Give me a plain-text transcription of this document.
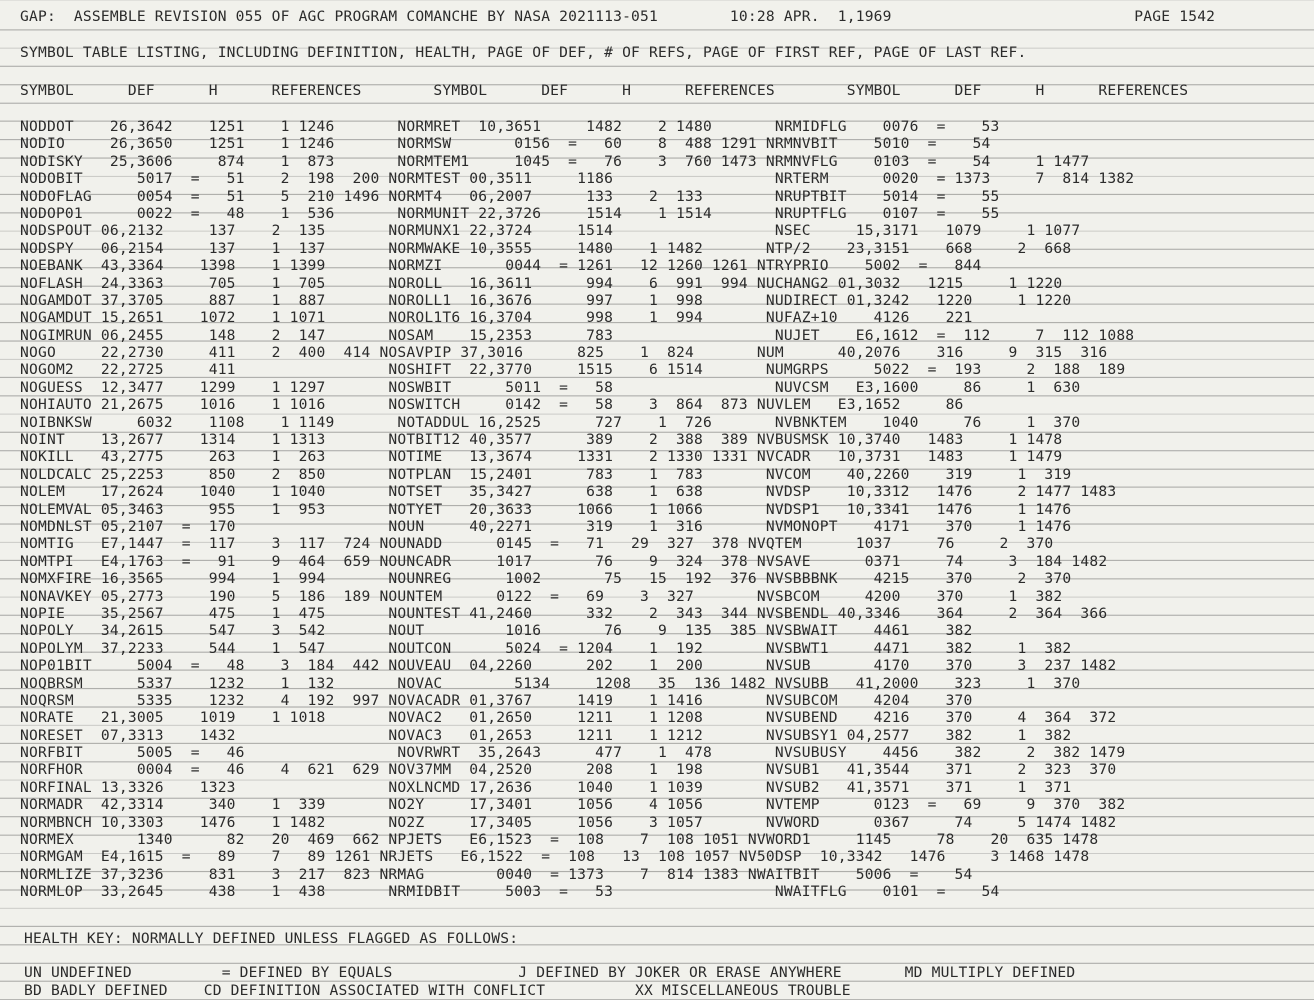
GAP:  ASSEMBLE REVISION 055 OF AGC PROGRAM COMANCHE BY NASA 2021113-051        10:28 APR.  1,1969                           PAGE 1542
SYMBOL TABLE LISTING, INCLUDING DEFINITION, HEALTH, PAGE OF DEF, # OF REFS, PAGE OF FIRST REF, PAGE OF LAST REF.
SYMBOL      DEF      H      REFERENCES        SYMBOL      DEF      H      REFERENCES        SYMBOL      DEF      H      REFERENCES
NODDOT    26,3642    1251    1 1246       NORMRET  10,3651     1482    2 1480       NRMIDFLG    0076  =    53
NODIO     26,3650    1251    1 1246       NORMSW       0156  =   60    8  488 1291 NRMNVBIT    5010  =    54
NODISKY   25,3606     874    1  873       NORMTEM1     1045  =   76    3  760 1473 NRMNVFLG    0103  =    54     1 1477
NODOBIT      5017  =   51    2  198  200 NORMTEST 00,3511     1186                  NRTERM      0020  = 1373     7  814 1382
NODOFLAG     0054  =   51    5  210 1496 NORMT4   06,2007      133    2  133        NRUPTBIT    5014  =    55
NODOP01      0022  =   48    1  536       NORMUNIT 22,3726     1514    1 1514       NRUPTFLG    0107  =    55
NODSPOUT 06,2132     137    2  135       NORMUNX1 22,3724     1514                  NSEC     15,3171   1079     1 1077
NODSPY   06,2154     137    1  137       NORMWAKE 10,3555     1480    1 1482       NTP/2    23,3151    668     2  668
NOEBANK  43,3364    1398    1 1399       NORMZI       0044  = 1261   12 1260 1261 NTRYPRIO    5002  =   844
NOFLASH  24,3363     705    1  705       NOROLL   16,3611      994    6  991  994 NUCHANG2 01,3032   1215     1 1220
NOGAMDOT 37,3705     887    1  887       NOROLL1  16,3676      997    1  998       NUDIRECT 01,3242   1220     1 1220
NOGAMDUT 15,2651    1072    1 1071       NOROL1T6 16,3704      998    1  994       NUFAZ+10    4126    221
NOGIMRUN 06,2455     148    2  147       NOSAM    15,2353      783                  NUJET    E6,1612  =  112     7  112 1088
NOGO     22,2730     411    2  400  414 NOSAVPIP 37,3016      825    1  824       NUM      40,2076    316     9  315  316
NOGOM2   22,2725     411                 NOSHIFT  22,3770     1515    6 1514       NUMGRPS     5022  =  193     2  188  189
NOGUESS  12,3477    1299    1 1297       NOSWBIT      5011  =   58                  NUVCSM   E3,1600     86     1  630
NOHIAUTO 21,2675    1016    1 1016       NOSWITCH     0142  =   58    3  864  873 NUVLEM   E3,1652     86
NOIBNKSW     6032    1108    1 1149       NOTADDUL 16,2525      727    1  726       NVBNKTEM    1040     76     1  370
NOINT    13,2677    1314    1 1313       NOTBIT12 40,3577      389    2  388  389 NVBUSMSK 10,3740   1483     1 1478
NOKILL   43,2775     263    1  263       NOTIME   13,3674     1331    2 1330 1331 NVCADR   10,3731   1483     1 1479
NOLDCALC 25,2253     850    2  850       NOTPLAN  15,2401      783    1  783       NVCOM    40,2260    319     1  319
NOLEM    17,2624    1040    1 1040       NOTSET   35,3427      638    1  638       NVDSP    10,3312   1476     2 1477 1483
NOLEMVAL 05,3463     955    1  953       NOTYET   20,3633     1066    1 1066       NVDSP1   10,3341   1476     1 1476
NOMDNLST 05,2107  =  170                 NOUN     40,2271      319    1  316       NVMONOPT    4171    370     1 1476
NOMTIG   E7,1447  =  117    3  117  724 NOUNADD      0145  =   71   29  327  378 NVQTEM      1037     76     2  370
NOMTPI   E4,1763  =   91    9  464  659 NOUNCADR     1017       76    9  324  378 NVSAVE      0371     74     3  184 1482
NOMXFIRE 16,3565     994    1  994       NOUNREG      1002       75   15  192  376 NVSBBBNK    4215    370     2  370
NONAVKEY 05,2773     190    5  186  189 NOUNTEM      0122  =   69    3  327       NVSBCOM     4200    370     1  382
NOPIE    35,2567     475    1  475       NOUNTEST 41,2460      332    2  343  344 NVSBENDL 40,3346    364     2  364  366
NOPOLY   34,2615     547    3  542       NOUT         1016       76    9  135  385 NVSBWAIT    4461    382
NOPOLYM  37,2233     544    1  547       NOUTCON      5024  = 1204    1  192       NVSBWT1     4471    382     1  382
NOP01BIT     5004  =   48    3  184  442 NOUVEAU  04,2260      202    1  200       NVSUB       4170    370     3  237 1482
NOQBRSM      5337    1232    1  132       NOVAC        5134     1208   35  136 1482 NVSUBB   41,2000    323     1  370
NOQRSM       5335    1232    4  192  997 NOVACADR 01,3767     1419    1 1416       NVSUBCOM    4204    370
NORATE   21,3005    1019    1 1018       NOVAC2   01,2650     1211    1 1208       NVSUBEND    4216    370     4  364  372
NORESET  07,3313    1432                 NOVAC3   01,2653     1211    1 1212       NVSUBSY1 04,2577    382     1  382
NORFBIT      5005  =   46                 NOVRWRT  35,2643      477    1  478       NVSUBUSY    4456    382     2  382 1479
NORFHOR      0004  =   46    4  621  629 NOV37MM  04,2520      208    1  198       NVSUB1   41,3544    371     2  323  370
NORFINAL 13,3326    1323                 NOXLNCMD 17,2636     1040    1 1039       NVSUB2   41,3571    371     1  371
NORMADR  42,3314     340    1  339       NO2Y     17,3401     1056    4 1056       NVTEMP      0123  =   69     9  370  382
NORMBNCH 10,3303    1476    1 1482       NO2Z     17,3405     1056    3 1057       NVWORD      0367     74     5 1474 1482
NORMEX       1340      82   20  469  662 NPJETS   E6,1523  =  108    7  108 1051 NVWORD1     1145     78    20  635 1478
NORMGAM  E4,1615  =   89    7   89 1261 NRJETS   E6,1522  =  108   13  108 1057 NV50DSP  10,3342   1476     3 1468 1478
NORMLIZE 37,3236     831    3  217  823 NRMAG        0040  = 1373    7  814 1383 NWAITBIT    5006  =    54
NORMLOP  33,2645     438    1  438       NRMIDBIT     5003  =   53                  NWAITFLG    0101  =    54
HEALTH KEY: NORMALLY DEFINED UNLESS FLAGGED AS FOLLOWS:
UN UNDEFINED          = DEFINED BY EQUALS              J DEFINED BY JOKER OR ERASE ANYWHERE       MD MULTIPLY DEFINED
BD BADLY DEFINED    CD DEFINITION ASSOCIATED WITH CONFLICT          XX MISCELLANEOUS TROUBLE
